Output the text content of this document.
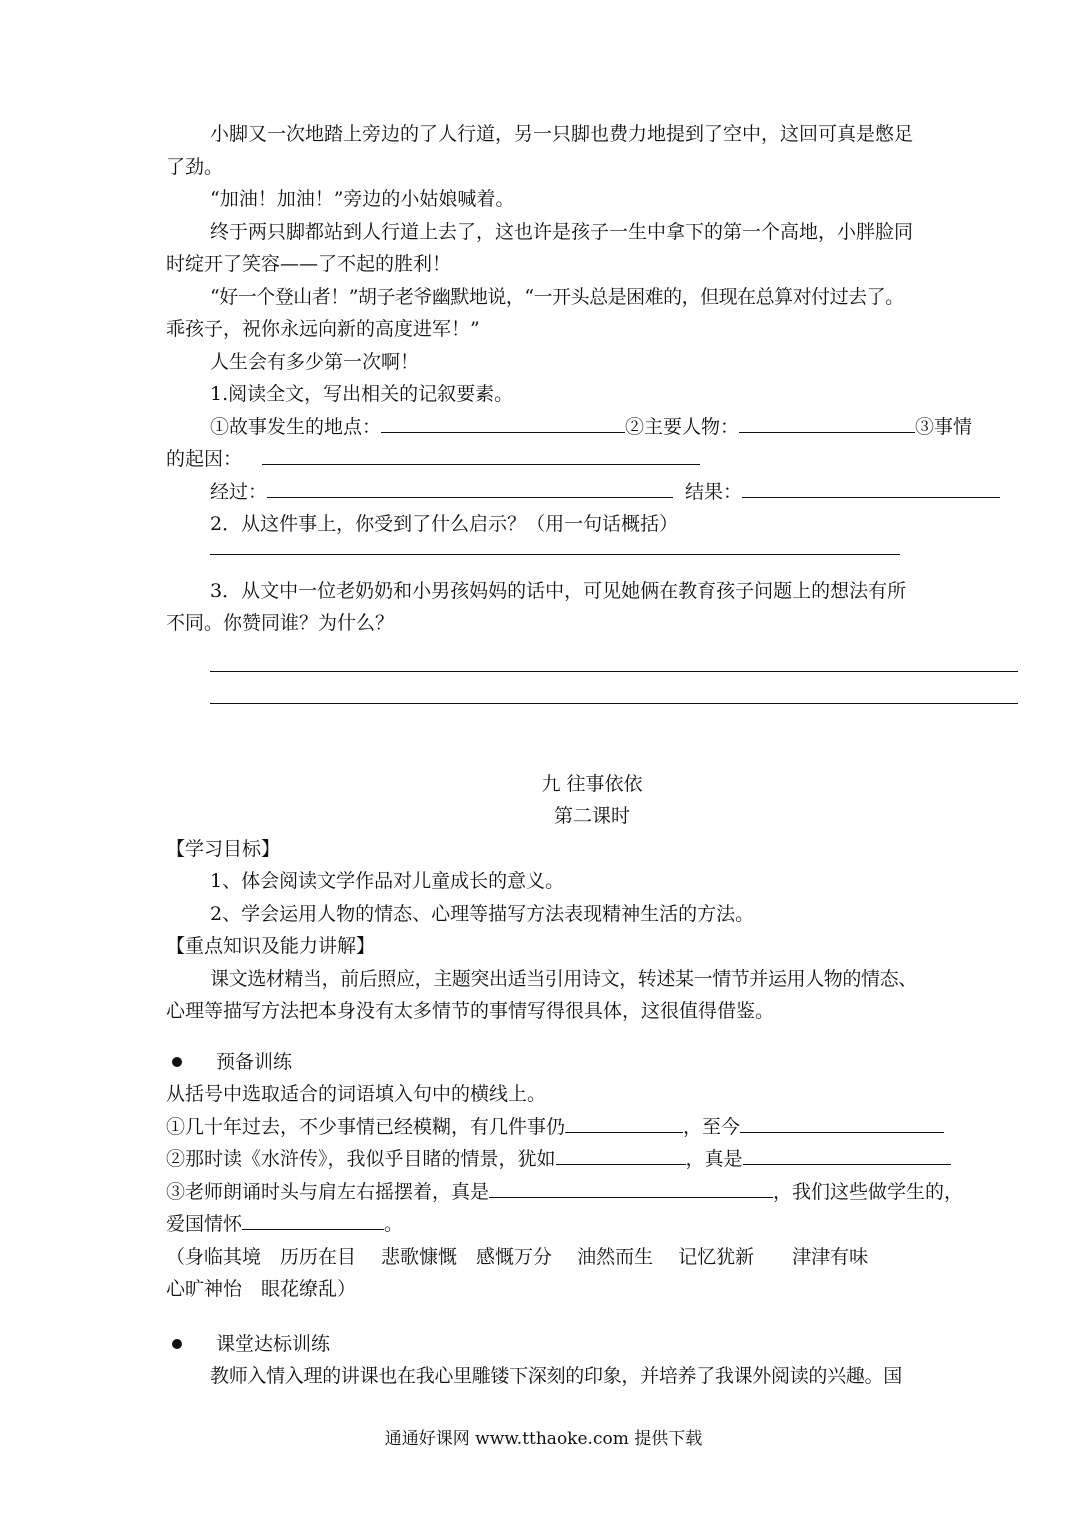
小脚又一次地踏上旁边的了人行道，另一只脚也费力地提到了空中，这回可真是憋足

了劲。

“加油！加油！”旁边的小姑娘喊着。

终于两只脚都站到人行道上去了，这也许是孩子一生中拿下的第一个高地，小胖脸同

时绽开了笑容——了不起的胜利！

“好一个登山者！”胡子老爷幽默地说，“一开头总是困难的，但现在总算对付过去了。

乖孩子，祝你永远向新的高度进军！”

人生会有多少第一次啊！

1.阅读全文，写出相关的记叙要素。

①故事发生的地点：	②主要人物：	③事情

的起因：

经过：	结果：

2．从这件事上，你受到了什么启示？（用一句话概括）

3．从文中一位老奶奶和小男孩妈妈的话中，可见她俩在教育孩子问题上的想法有所

不同。你赞同谁？为什么？

九 往事依依

第二课时

【学习目标】

1、体会阅读文学作品对儿童成长的意义。

2、学会运用人物的情态、心理等描写方法表现精神生活的方法。

【重点知识及能力讲解】

课文选材精当，前后照应，主题突出适当引用诗文，转述某一情节并运用人物的情态、

心理等描写方法把本身没有太多情节的事情写得很具体，这很值得借鉴。

预备训练

从括号中选取适合的词语填入句中的横线上。

①几十年过去，不少事情已经模糊，有几件事仍	，至今

②那时读《水浒传》，我似乎目睹的情景，犹如	，真是

③老师朗诵时头与肩左右摇摆着，真是	，我们这些做学生的，

爱国情怀	。

（身临其境　历历在目　 悲歌慷慨　感慨万分　 油然而生　 记忆犹新　　津津有味

心旷神怡　眼花缭乱）

课堂达标训练

教师入情入理的讲课也在我心里雕镂下深刻的印象，并培养了我课外阅读的兴趣。国

通通好课网 www.tthaoke.com 提供下载
